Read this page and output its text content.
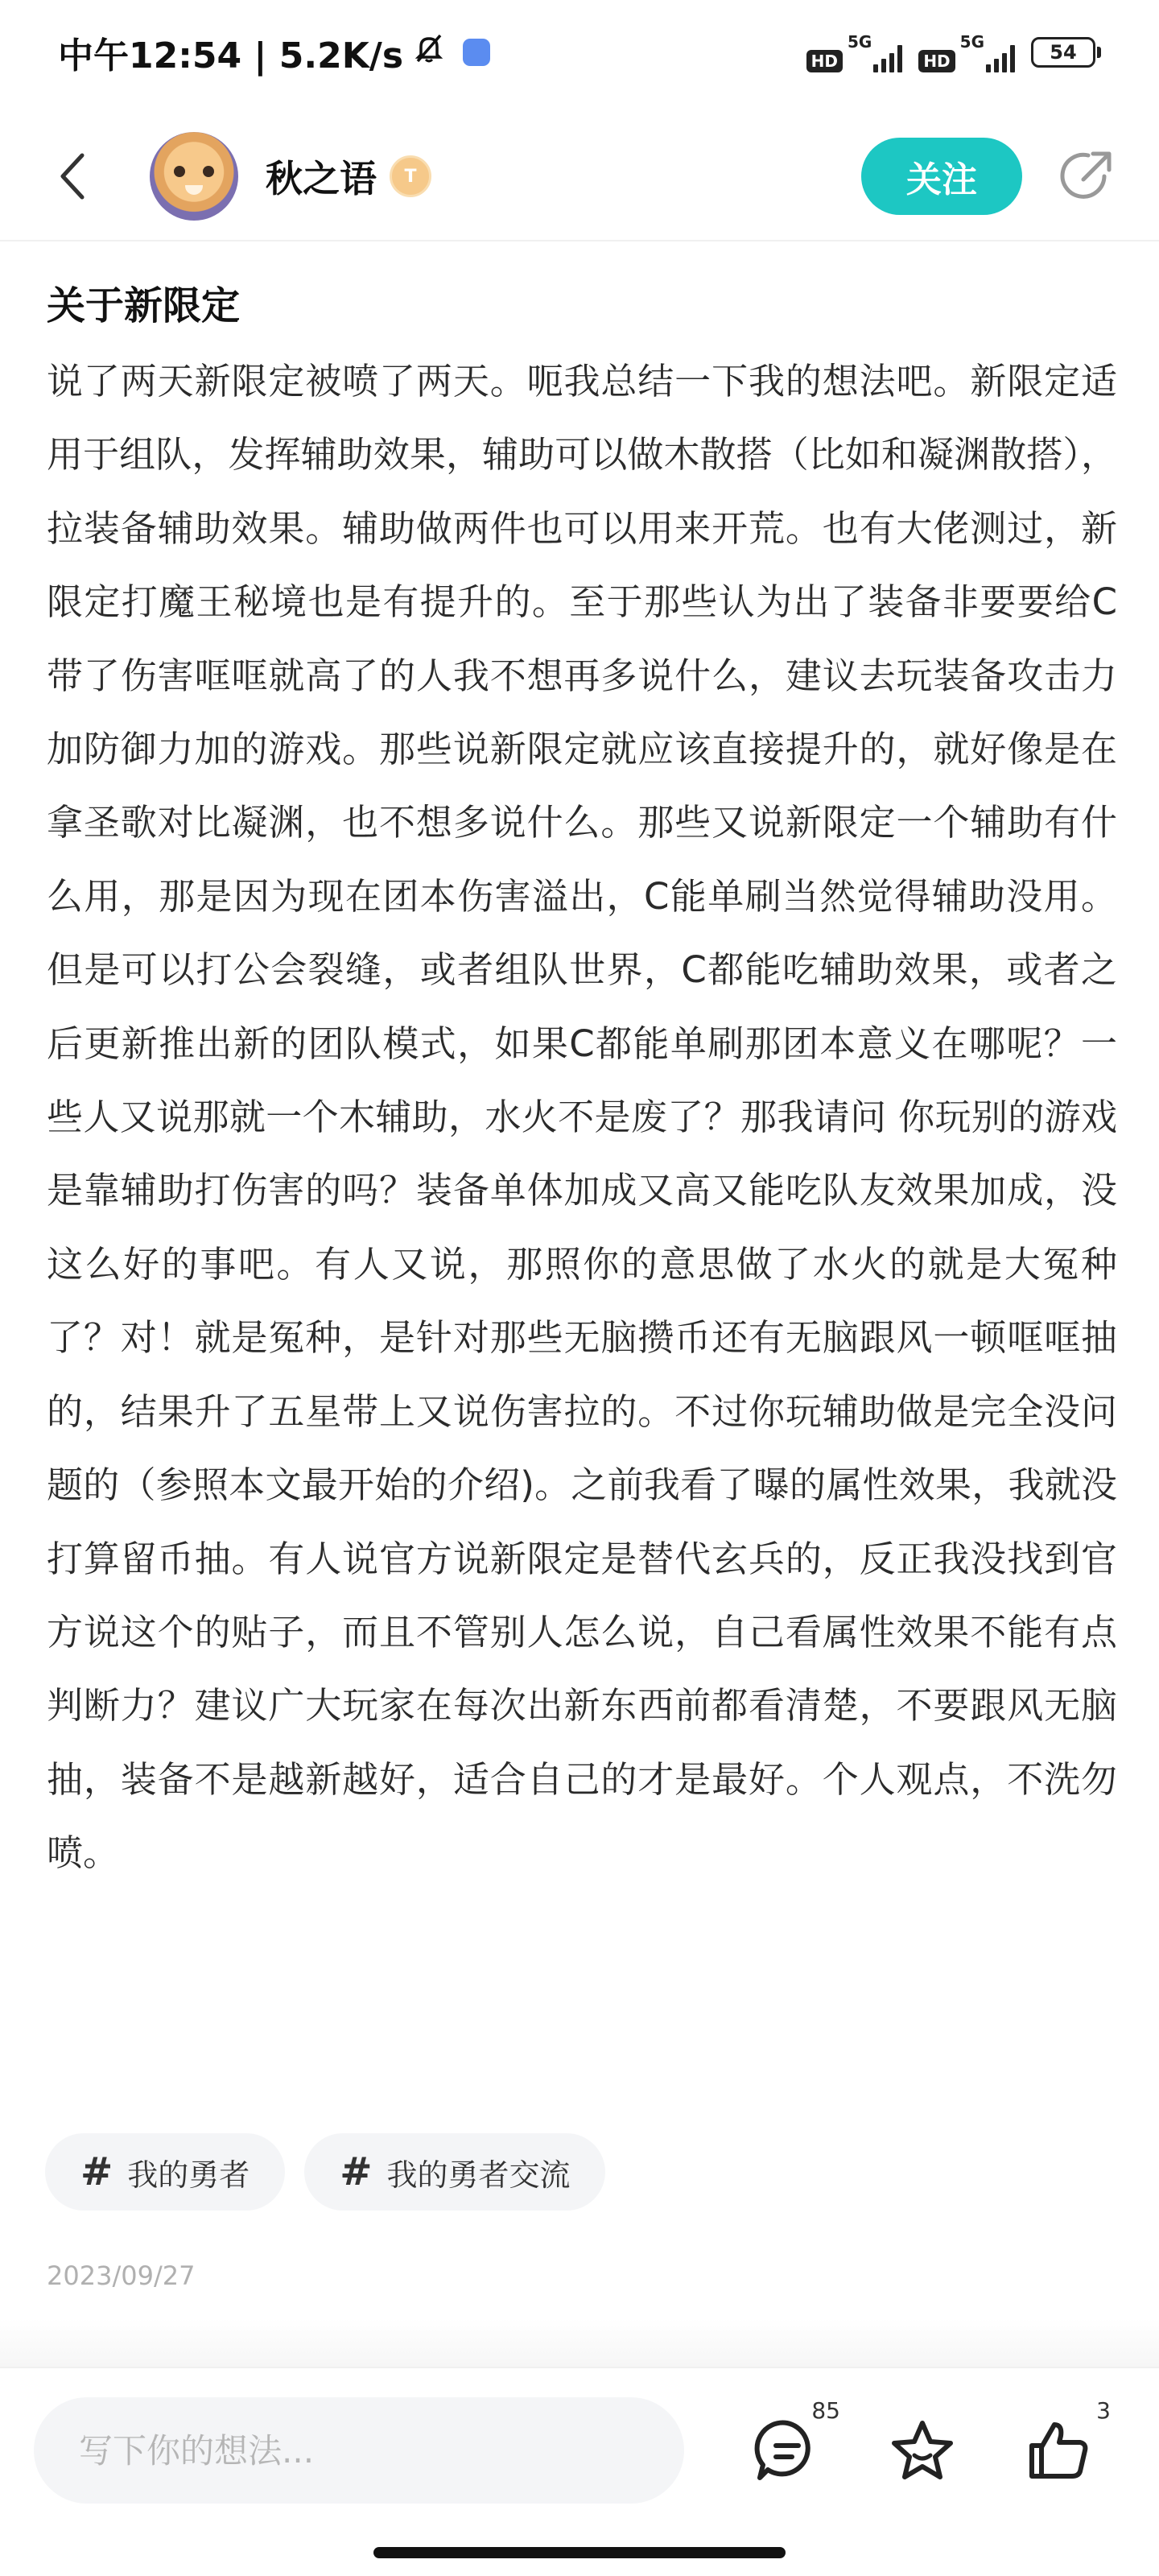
中午12:54 | 5.2K/s	HD
5G
HD
5G	54
秋之语	T	关注
关于新限定

说了两天新限定被喷了两天。呃我总结一下我的想法吧。新限定适用于组队，发挥辅助效果，辅助可以做木散搭（比如和凝渊散搭），拉装备辅助效果。辅助做两件也可以用来开荒。也有大佬测过，新限定打魔王秘境也是有提升的。至于那些认为出了装备非要要给C带了伤害哐哐就高了的人我不想再多说什么，建议去玩装备攻击力加防御力加的游戏。那些说新限定就应该直接提升的，就好像是在拿圣歌对比凝渊，也不想多说什么。那些又说新限定一个辅助有什么用，那是因为现在团本伤害溢出，C能单刷当然觉得辅助没用。但是可以打公会裂缝，或者组队世界，C都能吃辅助效果，或者之后更新推出新的团队模式，如果C都能单刷那团本意义在哪呢？一些人又说那就一个木辅助，水火不是废了？那我请问 你玩别的游戏是靠辅助打伤害的吗？装备单体加成又高又能吃队友效果加成，没这么好的事吧。有人又说，那照你的意思做了水火的就是大冤种了？对！就是冤种，是针对那些无脑攒币还有无脑跟风一顿哐哐抽的，结果升了五星带上又说伤害拉的。不过你玩辅助做是完全没问题的（参照本文最开始的介绍)。之前我看了曝的属性效果，我就没打算留币抽。有人说官方说新限定是替代玄兵的，反正我没找到官方说这个的贴子，而且不管别人怎么说，自己看属性效果不能有点判断力？建议广大玩家在每次出新东西前都看清楚，不要跟风无脑抽，装备不是越新越好，适合自己的才是最好。个人观点，不洗勿喷。

# 我的勇者 # 我的勇者交流
2023/09/27
写下你的想法...
85	3
